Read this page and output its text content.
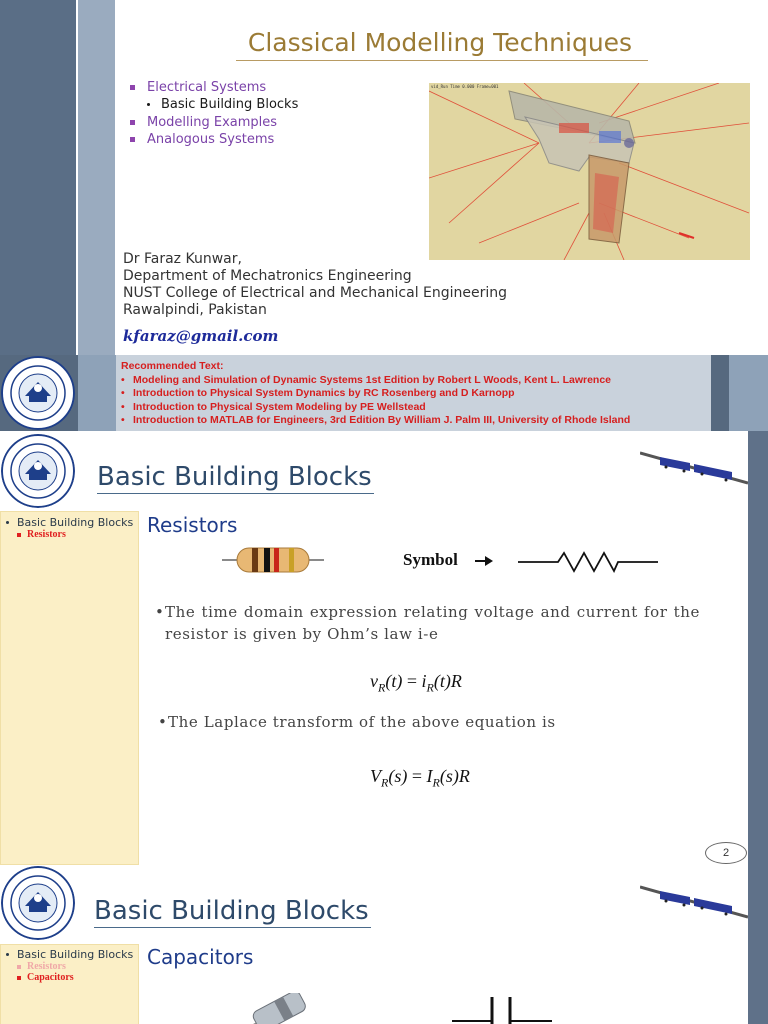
Classical Modelling Techniques
Electrical Systems
Basic Building Blocks
Modelling Examples
Analogous Systems
vid_Run Time 0.000 Frame=001
Dr Faraz Kunwar,
Department of Mechatronics Engineering
NUST College of Electrical and Mechanical Engineering
Rawalpindi, Pakistan
kfaraz@gmail.com
Recommended Text:
• Modeling and Simulation of Dynamic Systems 1st Edition by Robert L Woods, Kent L. Lawrence
• Introduction to Physical System Dynamics by RC Rosenberg and D Karnopp
• Introduction to Physical System Modeling by PE Wellstead
• Introduction to MATLAB for Engineers, 3rd Edition By William J. Palm III, University of Rhode Island
Basic Building Blocks
Basic Building Blocks
Resistors	Resistors
Symbol
• The time domain expression relating voltage and current for the resistor is given by Ohm’s law i-e
$v_R(t) = i_R(t)R$
• The Laplace transform of the above equation is
$V_R(s) = I_R(s)R$
2
Basic Building Blocks
Basic Building Blocks
Resistors
Capacitors
Capacitors
